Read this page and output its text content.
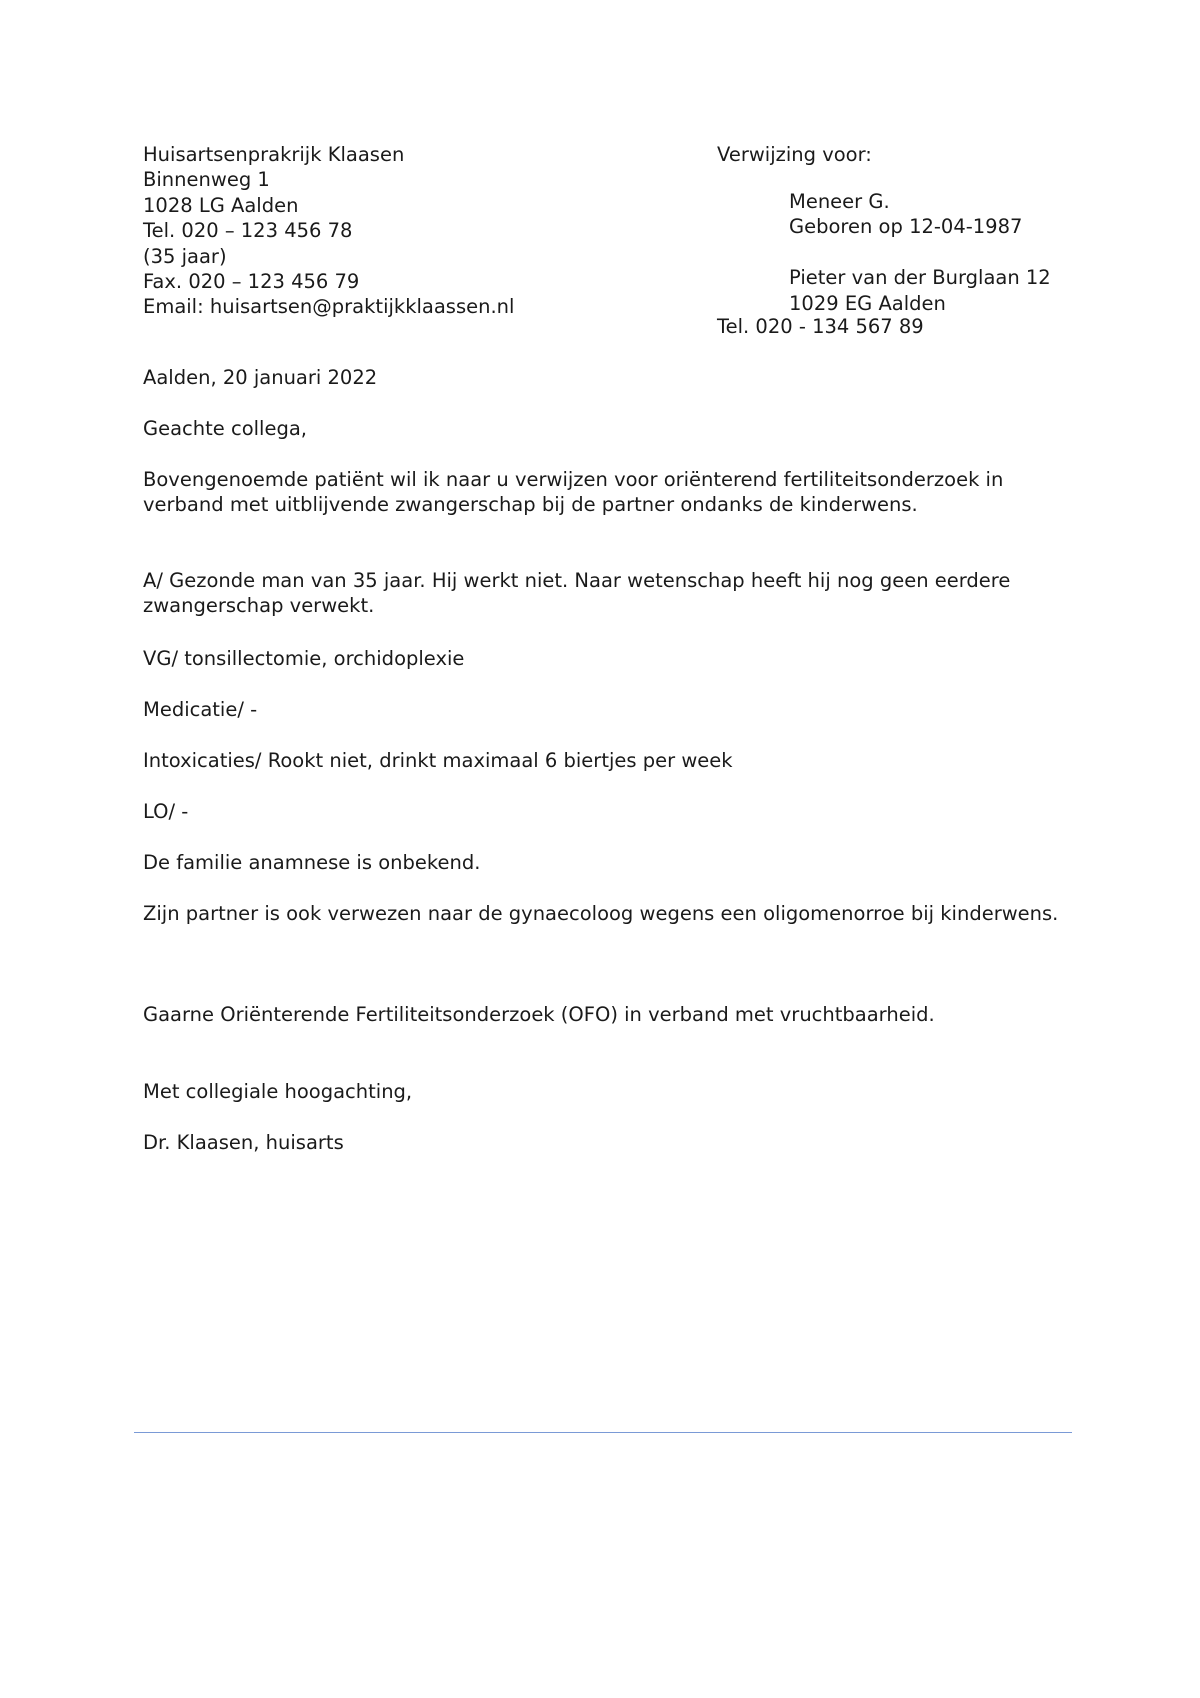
Huisartsenprakrijk Klaasen
Binnenweg 1
1028 LG Aalden
Tel. 020 – 123 456 78
(35 jaar)
Fax. 020 – 123 456 79
Email: huisartsen@praktijkklaassen.nl

Verwijzing voor:

Meneer G.
Geboren op 12-04-1987
Pieter van der Burglaan 12
1029 EG Aalden

Tel. 020 - 134 567 89

Aalden, 20 januari 2022

Geachte collega,

Bovengenoemde patiënt wil ik naar u verwijzen voor oriënterend fertiliteitsonderzoek in verband met uitblijvende zwangerschap bij de partner ondanks de kinderwens.

A/ Gezonde man van 35 jaar. Hij werkt niet. Naar wetenschap heeft hij nog geen eerdere zwangerschap verwekt.

VG/ tonsillectomie, orchidoplexie

Medicatie/ -

Intoxicaties/ Rookt niet, drinkt maximaal 6 biertjes per week

LO/ -

De familie anamnese is onbekend.

Zijn partner is ook verwezen naar de gynaecoloog wegens een oligomenorroe bij kinderwens.

Gaarne Oriënterende Fertiliteitsonderzoek (OFO) in verband met vruchtbaarheid.

Met collegiale hoogachting,

Dr. Klaasen, huisarts
